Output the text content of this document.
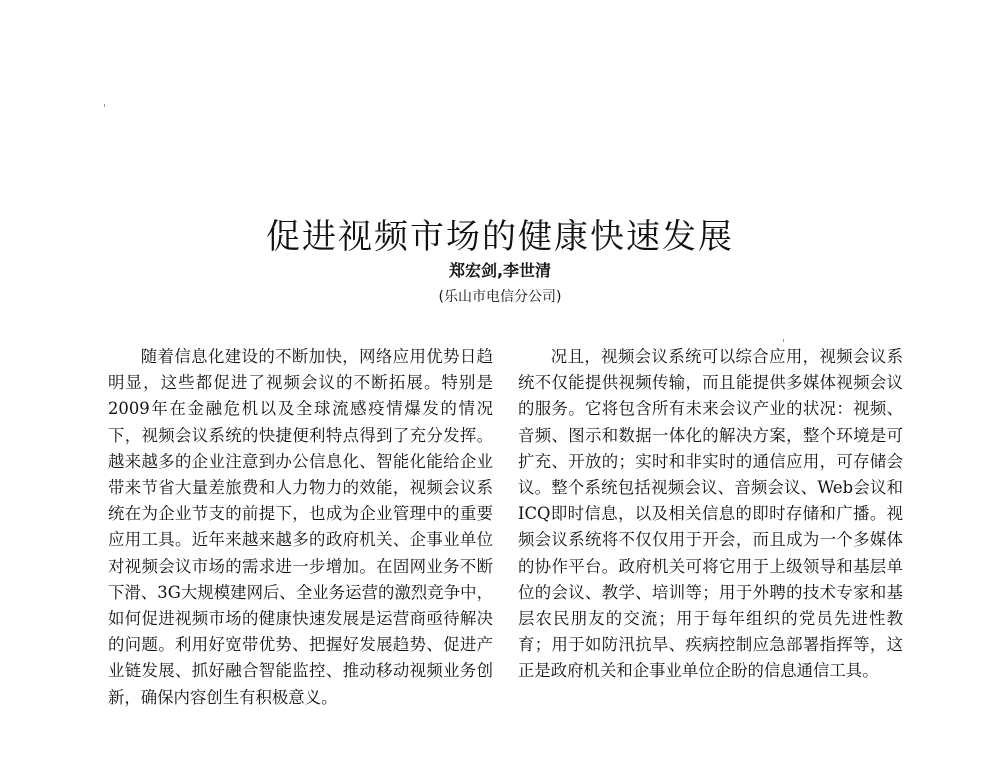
促进视频市场的健康快速发展
郑宏剑,李世清
(乐山市电信分公司)

随着信息化建设的不断加快，网络应用优势日趋明显，这些都促进了视频会议的不断拓展。特别是2009年在金融危机以及全球流感疫情爆发的情况下，视频会议系统的快捷便利特点得到了充分发挥。越来越多的企业注意到办公信息化、智能化能给企业带来节省大量差旅费和人力物力的效能，视频会议系统在为企业节支的前提下，也成为企业管理中的重要应用工具。近年来越来越多的政府机关、企事业单位对视频会议市场的需求进一步增加。在固网业务不断下滑、3G大规模建网后、全业务运营的激烈竞争中，如何促进视频市场的健康快速发展是运营商亟待解决的问题。利用好宽带优势、把握好发展趋势、促进产业链发展、抓好融合智能监控、推动移动视频业务创新，确保内容创生有积极意义。

况且，视频会议系统可以综合应用，视频会议系统不仅能提供视频传输，而且能提供多媒体视频会议的服务。它将包含所有未来会议产业的状况：视频、音频、图示和数据一体化的解决方案，整个环境是可扩充、开放的；实时和非实时的通信应用，可存储会议。整个系统包括视频会议、音频会议、Web会议和ICQ即时信息，以及相关信息的即时存储和广播。视频会议系统将不仅仅用于开会，而且成为一个多媒体的协作平台。政府机关可将它用于上级领导和基层单位的会议、教学、培训等；用于外聘的技术专家和基层农民朋友的交流；用于每年组织的党员先进性教育；用于如防汛抗旱、疾病控制应急部署指挥等，这正是政府机关和企事业单位企盼的信息通信工具。
